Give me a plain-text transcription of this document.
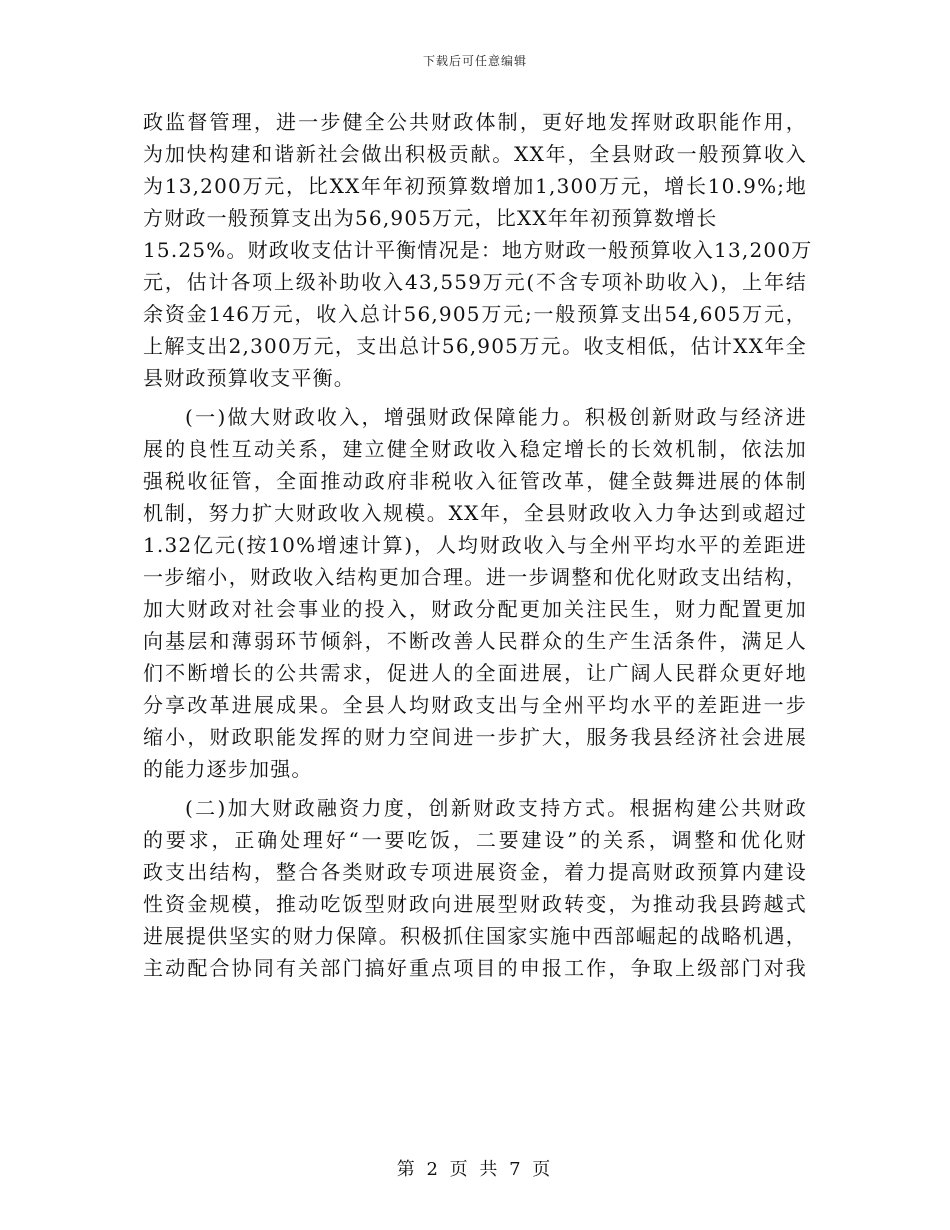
下载后可任意编辑
政监督管理，进一步健全公共财政体制，更好地发挥财政职能作用，
为加快构建和谐新社会做出积极贡献。XX年，全县财政一般预算收入
为13,200万元，比XX年年初预算数增加1,300万元，增长10.9%;地
方财政一般预算支出为56,905万元，比XX年年初预算数增长
15.25%。财政收支估计平衡情况是：地方财政一般预算收入13,200万
元，估计各项上级补助收入43,559万元(不含专项补助收入)，上年结
余资金146万元，收入总计56,905万元;一般预算支出54,605万元，
上解支出2,300万元，支出总计56,905万元。收支相低，估计XX年全
县财政预算收支平衡。
(一)做大财政收入，增强财政保障能力。积极创新财政与经济进
展的良性互动关系，建立健全财政收入稳定增长的长效机制，依法加
强税收征管，全面推动政府非税收入征管改革，健全鼓舞进展的体制
机制，努力扩大财政收入规模。XX年，全县财政收入力争达到或超过
1.32亿元(按10%增速计算)，人均财政收入与全州平均水平的差距进
一步缩小，财政收入结构更加合理。进一步调整和优化财政支出结构，
加大财政对社会事业的投入，财政分配更加关注民生，财力配置更加
向基层和薄弱环节倾斜，不断改善人民群众的生产生活条件，满足人
们不断增长的公共需求，促进人的全面进展，让广阔人民群众更好地
分享改革进展成果。全县人均财政支出与全州平均水平的差距进一步
缩小，财政职能发挥的财力空间进一步扩大，服务我县经济社会进展
的能力逐步加强。
(二)加大财政融资力度，创新财政支持方式。根据构建公共财政
的要求，正确处理好“一要吃饭，二要建设”的关系，调整和优化财
政支出结构，整合各类财政专项进展资金，着力提高财政预算内建设
性资金规模，推动吃饭型财政向进展型财政转变，为推动我县跨越式
进展提供坚实的财力保障。积极抓住国家实施中西部崛起的战略机遇，
主动配合协同有关部门搞好重点项目的申报工作，争取上级部门对我
第 2 页 共 7 页
